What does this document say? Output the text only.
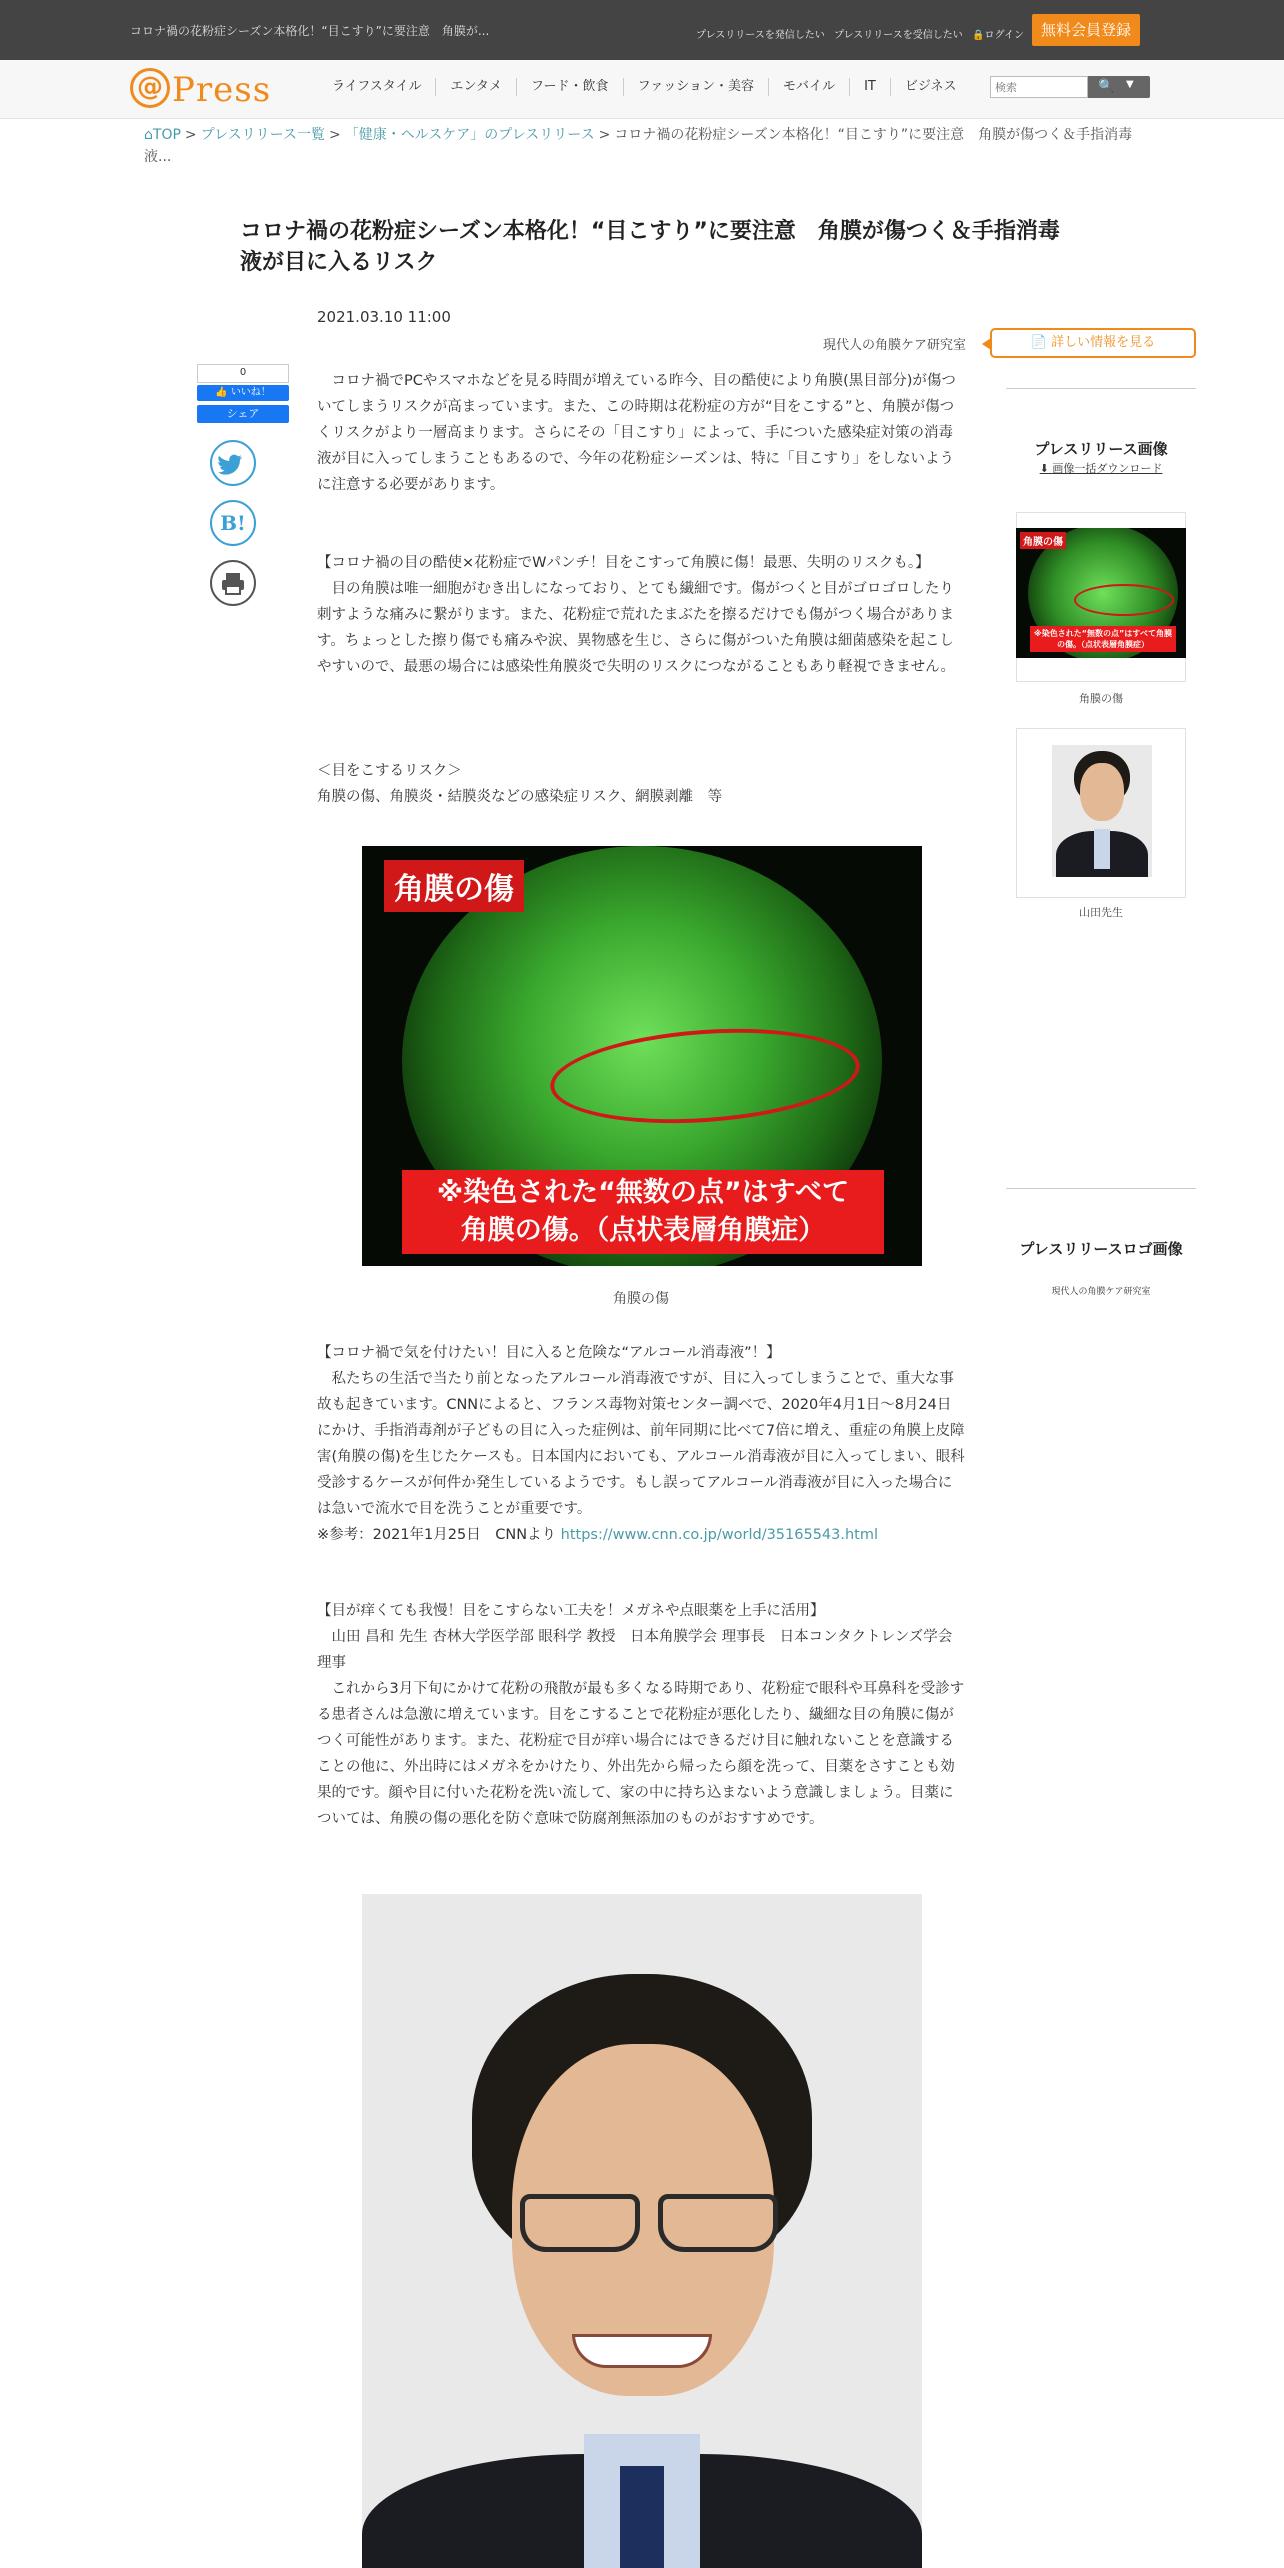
コロナ禍の花粉症シーズン本格化！“目こすり”に要注意　角膜が...	プレスリリースを発信したい プレスリリースを受信したい 🔒ログイン	無料会員登録
@ Press	ライフスタイル	エンタメ	フード・飲食	ファッション・美容	モバイル	IT	ビジネス
検索	🔍 ▼
⌂TOP > プレスリリース一覧 > 「健康・ヘルスケア」のプレスリリース > コロナ禍の花粉症シーズン本格化！“目こすり”に要注意　角膜が傷つく＆手指消毒液...
コロナ禍の花粉症シーズン本格化！“目こすり”に要注意　角膜が傷つく＆手指消毒液が目に入るリスク
2021.03.10 11:00
現代人の角膜ケア研究室	📄 詳しい情報を見る
0
👍 いいね！
シェア
B!

　コロナ禍でPCやスマホなどを見る時間が増えている昨今、目の酷使により角膜(黒目部分)が傷ついてしまうリスクが高まっています。また、この時期は花粉症の方が“目をこする”と、角膜が傷つくリスクがより一層高まります。さらにその「目こすり」によって、手についた感染症対策の消毒液が目に入ってしまうこともあるので、今年の花粉症シーズンは、特に「目こすり」をしないように注意する必要があります。

【コロナ禍の目の酷使×花粉症でWパンチ！目をこすって角膜に傷！最悪、失明のリスクも。】

　目の角膜は唯一細胞がむき出しになっており、とても繊細です。傷がつくと目がゴロゴロしたり刺すような痛みに繋がります。また、花粉症で荒れたまぶたを擦るだけでも傷がつく場合があります。ちょっとした擦り傷でも痛みや涙、異物感を生じ、さらに傷がついた角膜は細菌感染を起こしやすいので、最悪の場合には感染性角膜炎で失明のリスクにつながることもあり軽視できません。

＜目をこするリスク＞

角膜の傷、角膜炎・結膜炎などの感染症リスク、網膜剥離　等

角膜の傷
※染色された“無数の点”はすべて
角膜の傷。（点状表層角膜症）
角膜の傷

【コロナ禍で気を付けたい！目に入ると危険な“アルコール消毒液”！】

　私たちの生活で当たり前となったアルコール消毒液ですが、目に入ってしまうことで、重大な事故も起きています。CNNによると、フランス毒物対策センター調べで、2020年4月1日～8月24日にかけ、手指消毒剤が子どもの目に入った症例は、前年同期に比べて7倍に増え、重症の角膜上皮障害(角膜の傷)を生じたケースも。日本国内においても、アルコール消毒液が目に入ってしまい、眼科受診するケースが何件か発生しているようです。もし誤ってアルコール消毒液が目に入った場合には急いで流水で目を洗うことが重要です。

※参考：2021年1月25日　CNNより https://www.cnn.co.jp/world/35165543.html

【目が痒くても我慢！目をこすらない工夫を！メガネや点眼薬を上手に活用】

　山田 昌和 先生 杏林大学医学部 眼科学 教授　日本角膜学会 理事長　日本コンタクトレンズ学会 理事

　これから3月下旬にかけて花粉の飛散が最も多くなる時期であり、花粉症で眼科や耳鼻科を受診する患者さんは急激に増えています。目をこすることで花粉症が悪化したり、繊細な目の角膜に傷がつく可能性があります。また、花粉症で目が痒い場合にはできるだけ目に触れないことを意識することの他に、外出時にはメガネをかけたり、外出先から帰ったら顔を洗って、目薬をさすことも効果的です。顔や目に付いた花粉を洗い流して、家の中に持ち込まないよう意識しましょう。目薬については、角膜の傷の悪化を防ぐ意味で防腐剤無添加のものがおすすめです。

プレスリリース画像
⬇ 画像一括ダウンロード
角膜の傷
※染色された“無数の点”はすべて角膜の傷。（点状表層角膜症）
角膜の傷
山田先生
プレスリリースロゴ画像
現代人の角膜ケア研究室
